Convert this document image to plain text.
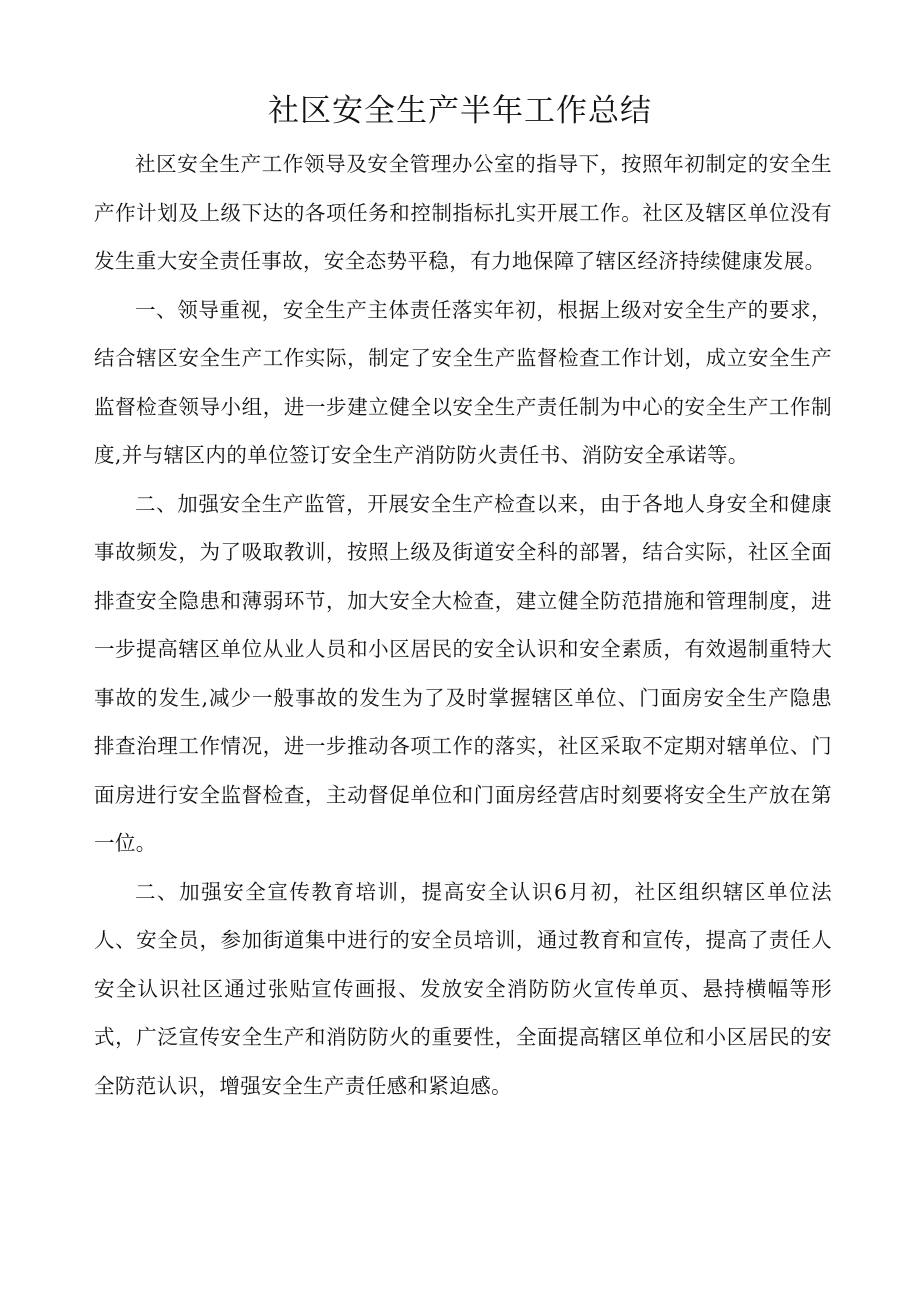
社区安全生产半年工作总结

社区安全生产工作领导及安全管理办公室的指导下，按照年初制定的安全生产作计划及上级下达的各项任务和控制指标扎实开展工作。社区及辖区单位没有发生重大安全责任事故，安全态势平稳，有力地保障了辖区经济持续健康发展。

一、领导重视，安全生产主体责任落实年初，根据上级对安全生产的要求，结合辖区安全生产工作实际，制定了安全生产监督检查工作计划，成立安全生产监督检查领导小组，进一步建立健全以安全生产责任制为中心的安全生产工作制度,并与辖区内的单位签订安全生产消防防火责任书、消防安全承诺等。

二、加强安全生产监管，开展安全生产检查以来，由于各地人身安全和健康事故频发，为了吸取教训，按照上级及街道安全科的部署，结合实际，社区全面排查安全隐患和薄弱环节，加大安全大检查，建立健全防范措施和管理制度，进一步提高辖区单位从业人员和小区居民的安全认识和安全素质，有效遏制重特大事故的发生,减少一般事故的发生为了及时掌握辖区单位、门面房安全生产隐患排查治理工作情况，进一步推动各项工作的落实，社区采取不定期对辖单位、门面房进行安全监督检查，主动督促单位和门面房经营店时刻要将安全生产放在第一位。

二、加强安全宣传教育培训，提高安全认识6月初，社区组织辖区单位法人、安全员，参加街道集中进行的安全员培训，通过教育和宣传，提高了责任人安全认识社区通过张贴宣传画报、发放安全消防防火宣传单页、悬持横幅等形式，广泛宣传安全生产和消防防火的重要性，全面提高辖区单位和小区居民的安全防范认识，增强安全生产责任感和紧迫感。
